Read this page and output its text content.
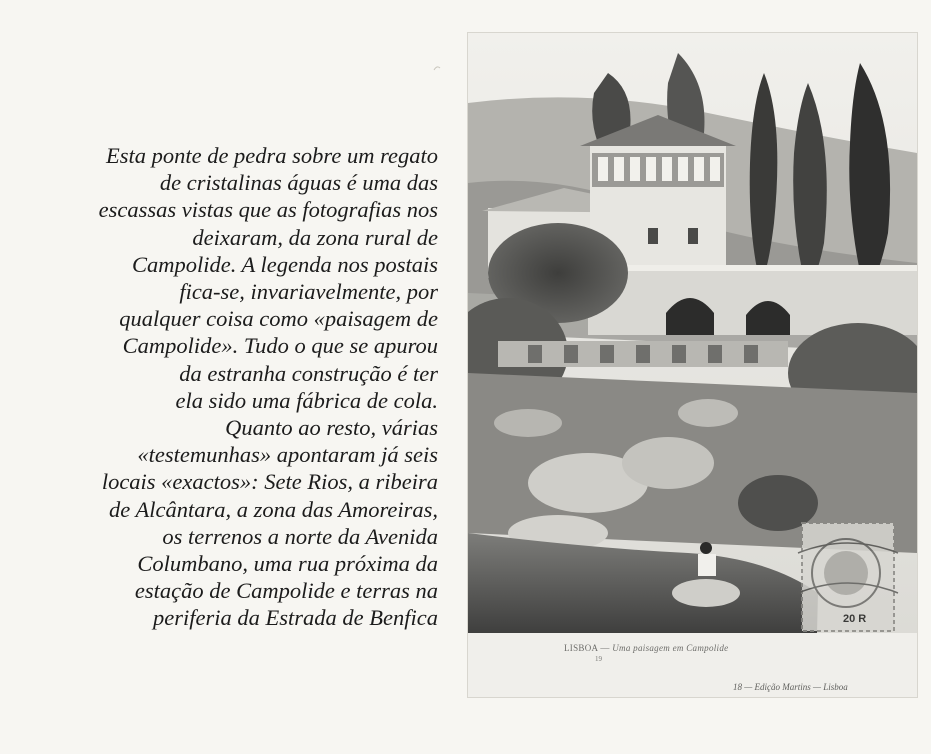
Esta ponte de pedra sobre um regato
de cristalinas águas é uma das
escassas vistas que as fotografias nos
deixaram, da zona rural de
Campolide. A legenda nos postais
fica-se, invariavelmente, por
qualquer coisa como «paisagem de
Campolide». Tudo o que se apurou
da estranha construção é ter
ela sido uma fábrica de cola.
Quanto ao resto, várias
«testemunhas» apontaram já seis
locais «exactos»: Sete Rios, a ribeira
de Alcântara, a zona das Amoreiras,
os terrenos a norte da Avenida
Columbano, uma rua próxima da
estação de Campolide e terras na
periferia da Estrada de Benfica
LISBOA — Uma paisagem em Campolide
19
18 — Edição Martins — Lisboa
20 R
